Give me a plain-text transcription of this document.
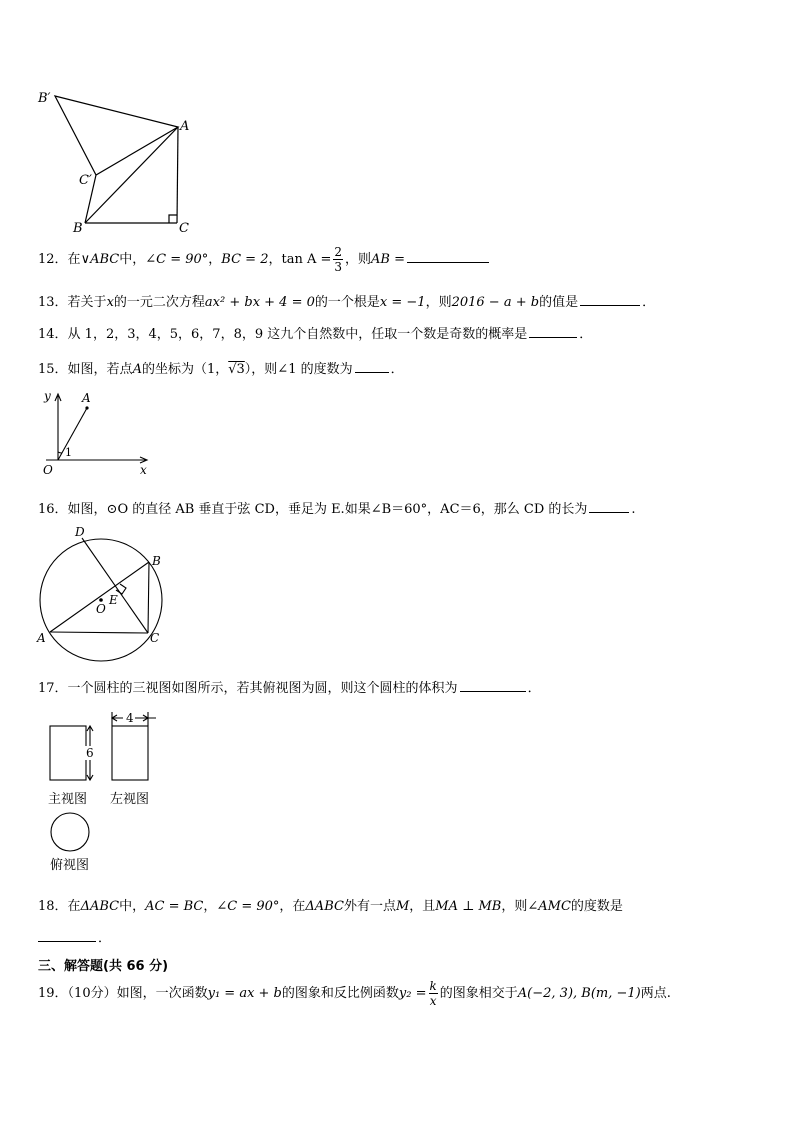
B′
A
C′
B	C
12．在∨ABC中，∠C = 90°，BC = 2，$\tan A = \frac{2}{3}$ ，则AB =
13．若关于x的一元二次方程ax² + bx + 4 = 0的一个根是x = −1，则2016 − a + b的值是	．
14．从 1，2，3，4，5，6，7，8，9 这九个自然数中，任取一个数是奇数的概率是	．
15．如图，若点A的坐标为（1，√3），则∠1 的度数为	．
y	A
1
O	x
16．如图，⊙O 的直径 AB 垂直于弦 CD，垂足为 E.如果∠B＝60°，AC＝6，那么 CD 的长为	.
D
B
E
O
A	C
17．一个圆柱的三视图如图所示，若其俯视图为圆，则这个圆柱的体积为	．
6
4
主视图 左视图
俯视图
18．在ΔABC中，AC = BC，∠C = 90°，在ΔABC外有一点M，且MA ⊥ MB，则∠AMC的度数是
．
三、解答题(共 66 分)
19．（10分）如图，一次函数y₁ = ax + b的图象和反比例函数$y_2 = \frac{k}{x}$ 的图象相交于A(−2, 3), B(m, −1)两点.
